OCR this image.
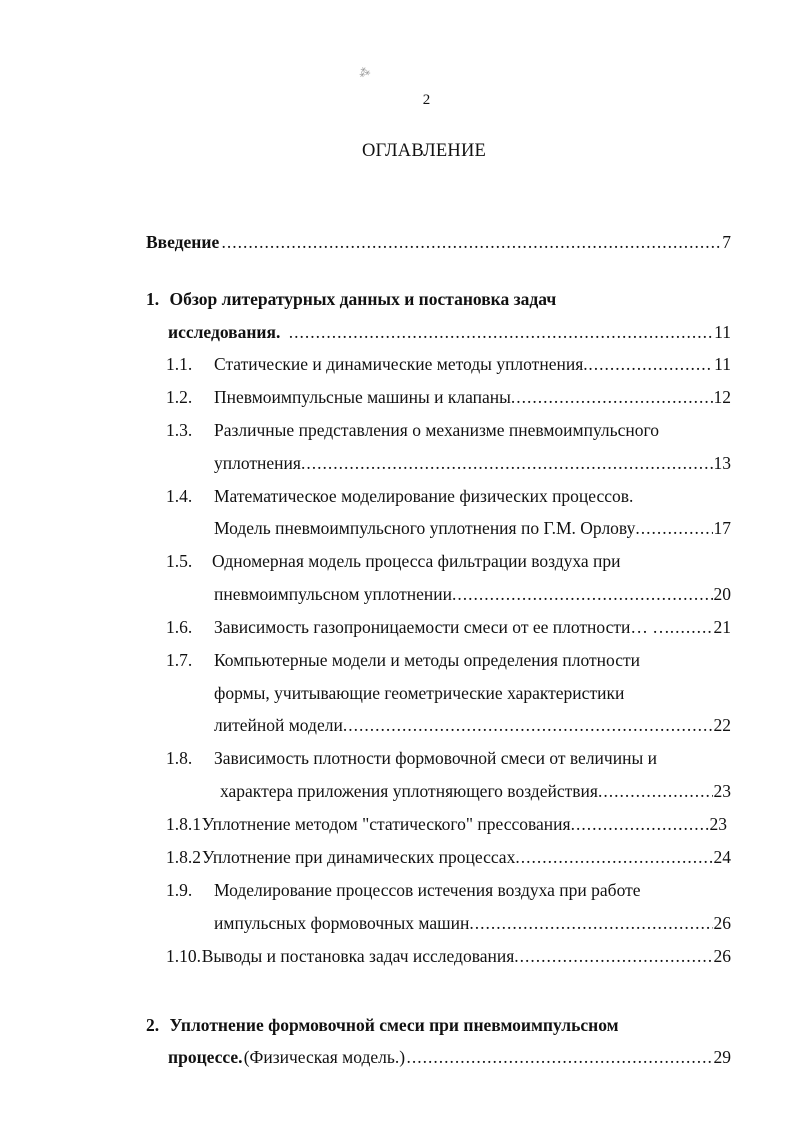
⁂
2
ОГЛАВЛЕНИЕ
Введение .....	7
1. Обзор литературных данных и постановка задач
исследования. .....	11
1.1. Статические и динамические методы уплотнения. .....	11
1.2. Пневмоимпульсные машины и клапаны .....	12
1.3. Различные представления о механизме пневмоимпульсного
уплотнения .....	13
1.4. Математическое моделирование физических процессов.
Модель пневмоимпульсного уплотнения по Г.М. Орлову .....	17
1.5. Одномерная модель процесса фильтрации воздуха при
пневмоимпульсном уплотнении .....	20
1.6. Зависимость газопроницаемости смеси от ее плотности… … .....	21
1.7. Компьютерные модели и методы определения плотности
формы, учитывающие геометрические характеристики
литейной модели .....	22
1.8. Зависимость плотности формовочной смеси от величины и
характера приложения уплотняющего воздействия .....	23
1.8.1 Уплотнение методом "статического" прессования .....	23
1.8.2 Уплотнение при динамических процессах .....	24
1.9. Моделирование процессов истечения воздуха при работе
импульсных формовочных машин .....	26
1.10. Выводы и постановка задач исследования .....	26
2. Уплотнение формовочной смеси при пневмоимпульсном
процессе. (Физическая модель.) .....	29
